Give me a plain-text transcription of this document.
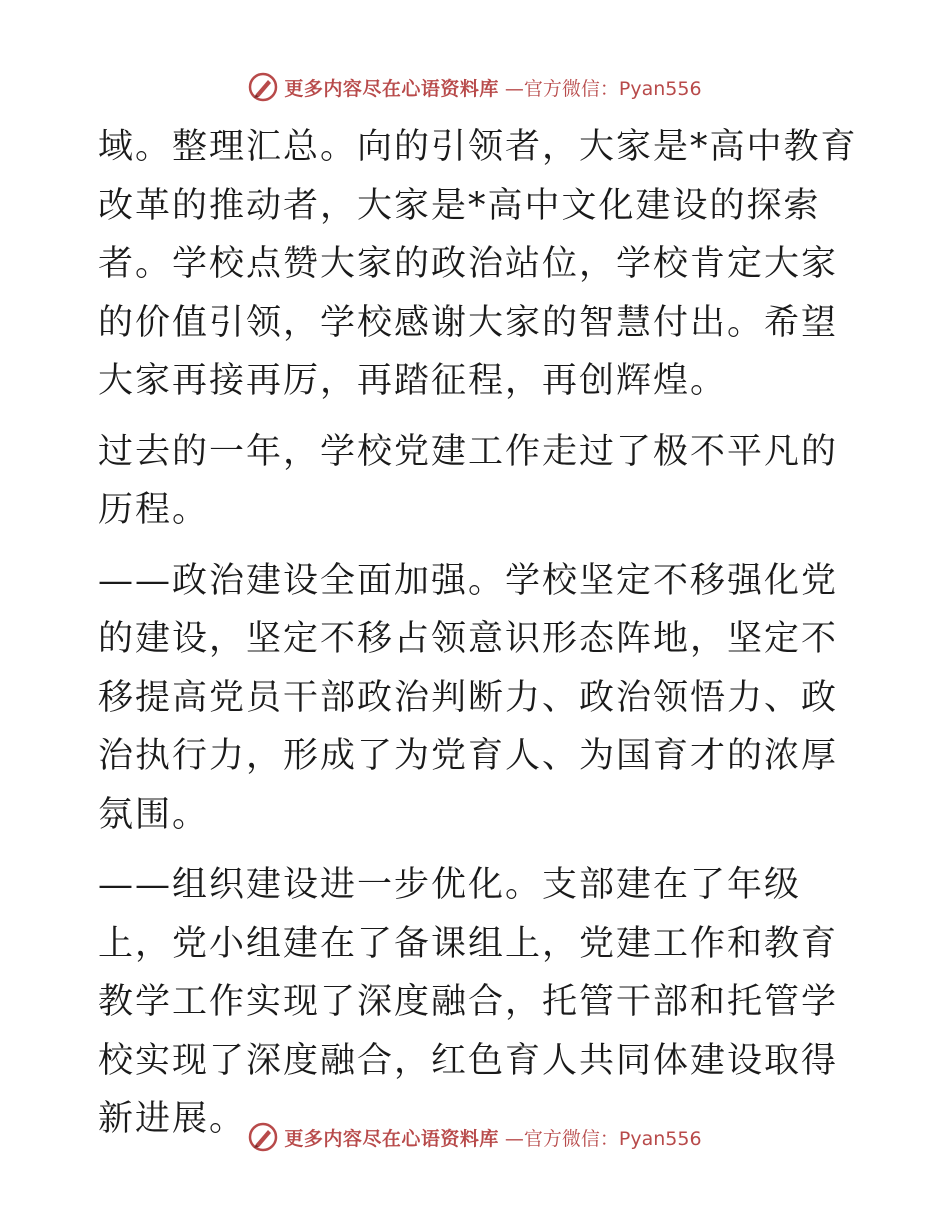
更多内容尽在心语资料库 —官方微信：Pyan556

域。整理汇总。向的引领者，大家是*高中教育改革的推动者，大家是*高中文化建设的探索者。学校点赞大家的政治站位，学校肯定大家的价值引领，学校感谢大家的智慧付出。希望大家再接再厉，再踏征程，再创辉煌。

过去的一年，学校党建工作走过了极不平凡的历程。

——政治建设全面加强。学校坚定不移强化党的建设，坚定不移占领意识形态阵地，坚定不移提高党员干部政治判断力、政治领悟力、政治执行力，形成了为党育人、为国育才的浓厚氛围。

——组织建设进一步优化。支部建在了年级上，党小组建在了备课组上，党建工作和教育教学工作实现了深度融合，托管干部和托管学校实现了深度融合，红色育人共同体建设取得新进展。	更多内容尽在心语资料库 —官方微信：Pyan556
